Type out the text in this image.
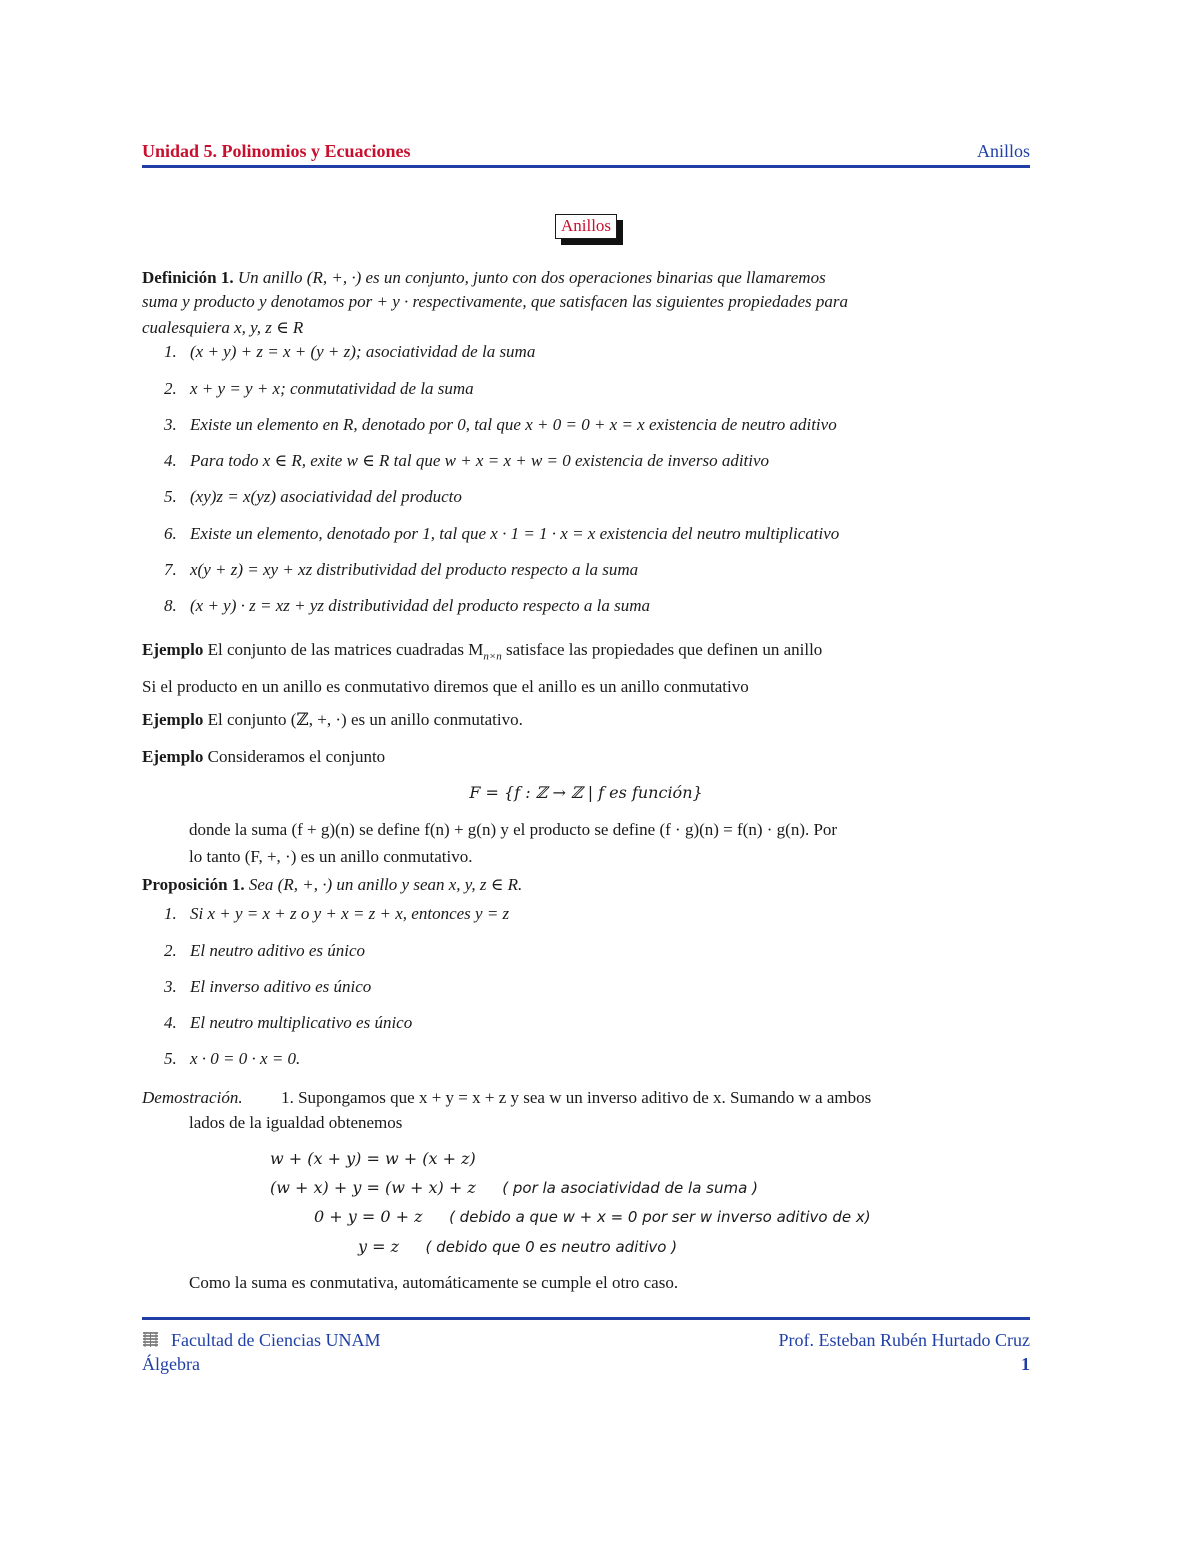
Unidad 5. Polinomios y Ecuaciones	Anillos
Anillos
Definición 1. Un anillo (R, +, ·) es un conjunto, junto con dos operaciones binarias que llamaremos
suma y producto y denotamos por + y · respectivamente, que satisfacen las siguientes propiedades para
cualesquiera x, y, z ∈ R
1. (x + y) + z = x + (y + z); asociatividad de la suma
2. x + y = y + x; conmutatividad de la suma
3. Existe un elemento en R, denotado por 0, tal que x + 0 = 0 + x = x existencia de neutro aditivo
4. Para todo x ∈ R, exite w ∈ R tal que w + x = x + w = 0 existencia de inverso aditivo
5. (xy)z = x(yz) asociatividad del producto
6. Existe un elemento, denotado por 1, tal que x · 1 = 1 · x = x existencia del neutro multiplicativo
7. x(y + z) = xy + xz distributividad del producto respecto a la suma
8. (x + y) · z = xz + yz distributividad del producto respecto a la suma
Ejemplo El conjunto de las matrices cuadradas $M_{n\times n}$ satisface las propiedades que definen un anillo
Si el producto en un anillo es conmutativo diremos que el anillo es un anillo conmutativo
Ejemplo El conjunto (ℤ, +, ·) es un anillo conmutativo.
Ejemplo Consideramos el conjunto
F = {f : ℤ → ℤ | f es función}
donde la suma (f + g)(n) se define f(n) + g(n) y el producto se define (f · g)(n) = f(n) · g(n). Por
lo tanto (F, +, ·) es un anillo conmutativo.
Proposición 1. Sea (R, +, ·) un anillo y sean x, y, z ∈ R.
1. Si x + y = x + z o y + x = z + x, entonces y = z
2. El neutro aditivo es único
3. El inverso aditivo es único
4. El neutro multiplicativo es único
5. x · 0 = 0 · x = 0.
Demostración. 1. Supongamos que x + y = x + z y sea w un inverso aditivo de x. Sumando w a ambos
lados de la igualdad obtenemos
w + (x + y) = w + (x + z)
(w + x) + y = (w + x) + z ( por la asociatividad de la suma )
0 + y = 0 + z ( debido a que w + x = 0 por ser w inverso aditivo de x)
y = z ( debido que 0 es neutro aditivo )
Como la suma es conmutativa, automáticamente se cumple el otro caso.
Facultad de Ciencias UNAM
Álgebra
Prof. Esteban Rubén Hurtado Cruz
1
